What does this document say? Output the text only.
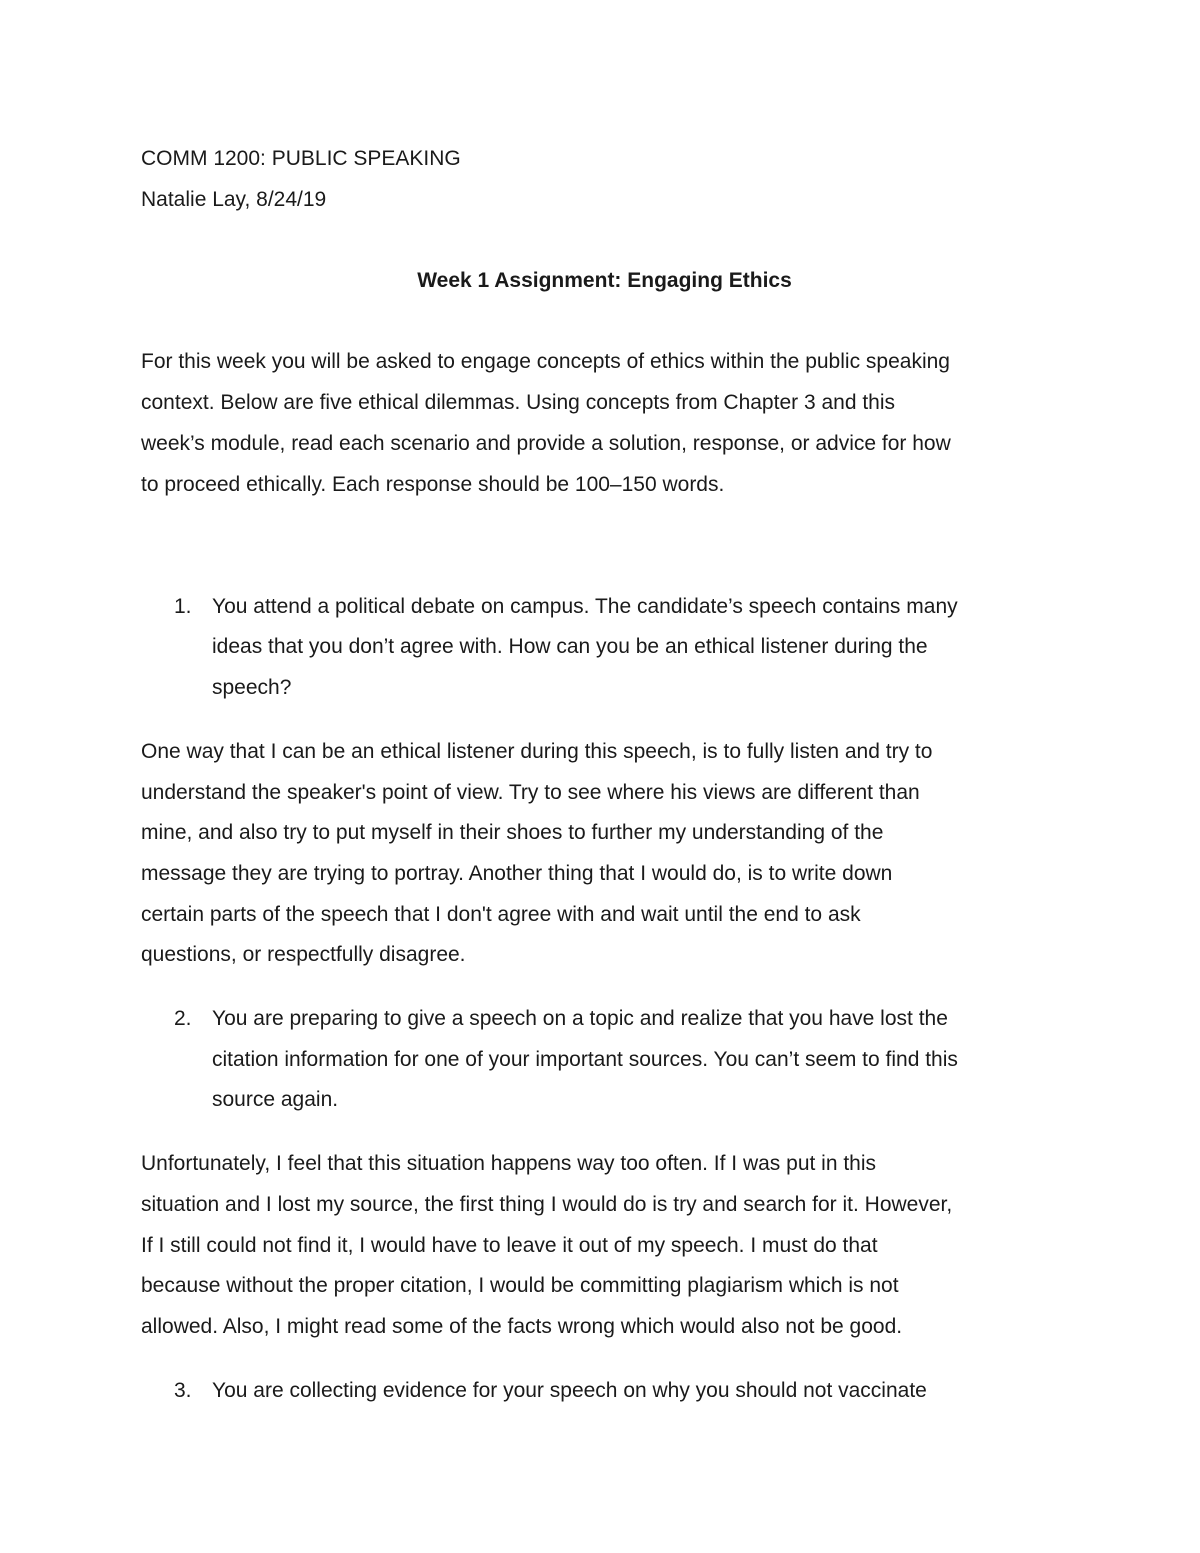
COMM 1200: PUBLIC SPEAKING

Natalie Lay, 8/24/19

Week 1 Assignment: Engaging Ethics

For this week you will be asked to engage concepts of ethics within the public speaking

context. Below are five ethical dilemmas. Using concepts from Chapter 3 and this

week’s module, read each scenario and provide a solution, response, or advice for how

to proceed ethically. Each response should be 100–150 words.

1. You attend a political debate on campus. The candidate’s speech contains many

ideas that you don’t agree with. How can you be an ethical listener during the

speech?

One way that I can be an ethical listener during this speech, is to fully listen and try to

understand the speaker's point of view. Try to see where his views are different than

mine, and also try to put myself in their shoes to further my understanding of the

message they are trying to portray. Another thing that I would do, is to write down

certain parts of the speech that I don't agree with and wait until the end to ask

questions, or respectfully disagree.

2. You are preparing to give a speech on a topic and realize that you have lost the

citation information for one of your important sources. You can’t seem to find this

source again.

Unfortunately, I feel that this situation happens way too often. If I was put in this

situation and I lost my source, the first thing I would do is try and search for it. However,

If I still could not find it, I would have to leave it out of my speech. I must do that

because without the proper citation, I would be committing plagiarism which is not

allowed. Also, I might read some of the facts wrong which would also not be good.

3. You are collecting evidence for your speech on why you should not vaccinate
